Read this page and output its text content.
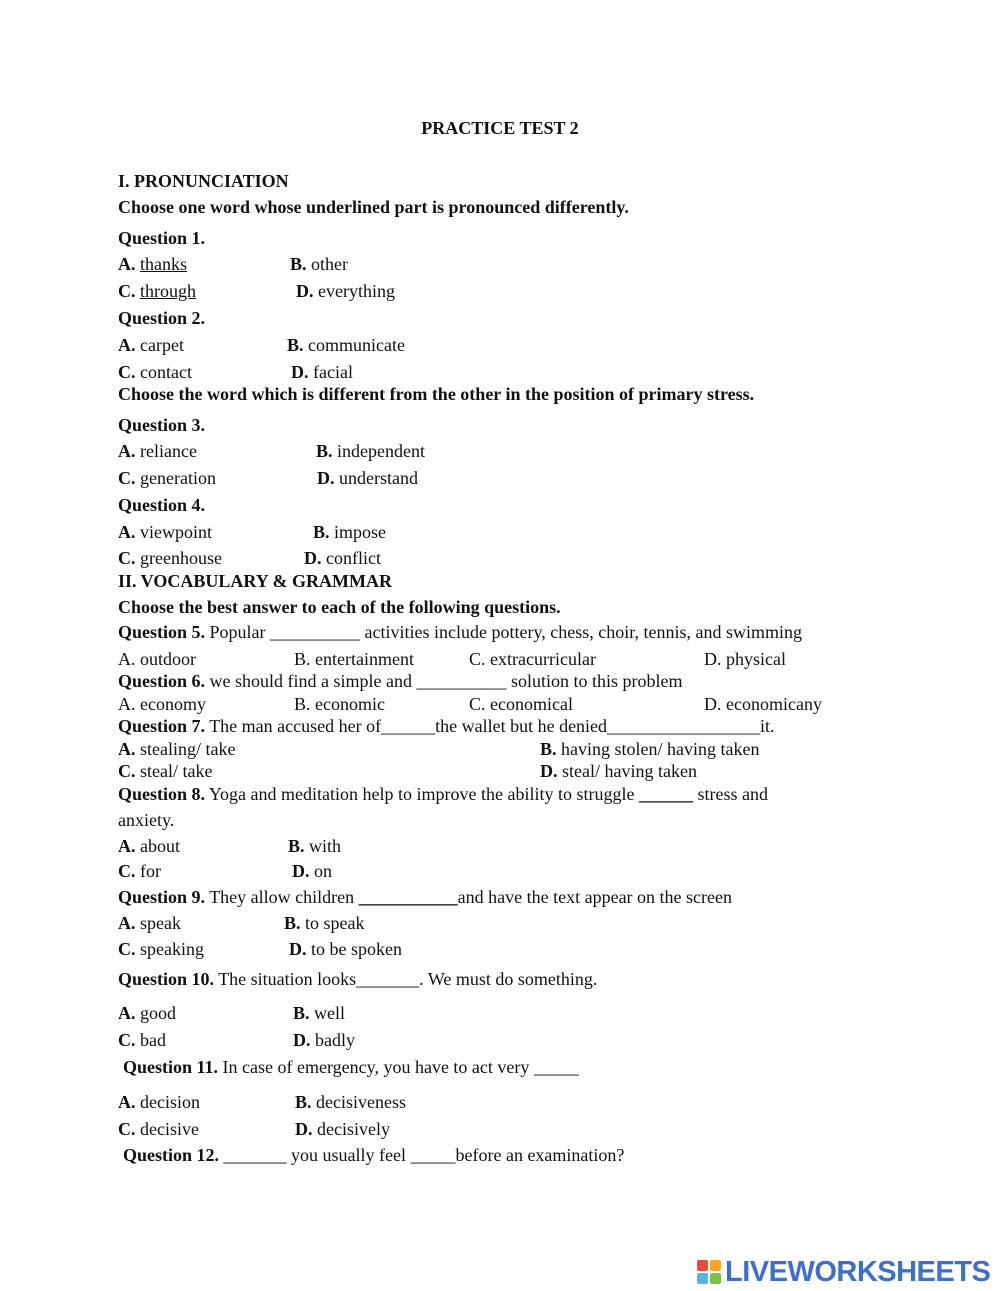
PRACTICE TEST 2
I. PRONUNCIATION
Choose one word whose underlined part is pronounced differently.
Question 1.
A. thanks	B. other
C. through	D. everything
Question 2.
A. carpet	B. communicate
C. contact	D. facial
Choose the word which is different from the other in the position of primary stress.
Question 3.
A. reliance	B. independent
C. generation	D. understand
Question 4.
A. viewpoint	B. impose
C. greenhouse	D. conflict
II. VOCABULARY & GRAMMAR
Choose the best answer to each of the following questions.
Question 5. Popular __________ activities include pottery, chess, choir, tennis, and swimming
A. outdoor	B. entertainment	C. extracurricular	D. physical
Question 6. we should find a simple and __________ solution to this problem
A. economy	B. economic	C. economical	D. economicany
Question 7. The man accused her of______the wallet but he denied_________________it.
A. stealing/ take	B. having stolen/ having taken
C. steal/ take	D. steal/ having taken
Question 8. Yoga and meditation help to improve the ability to struggle ______ stress and
anxiety.
A. about	B. with
C. for	D. on
Question 9. They allow children ___________and have the text appear on the screen
A. speak	B. to speak
C. speaking	D. to be spoken
Question 10. The situation looks_______. We must do something.
A. good	B. well
C. bad	D. badly
Question 11. In case of emergency, you have to act very _____
A. decision	B. decisiveness
C. decisive	D. decisively
Question 12. _______ you usually feel _____before an examination?
LIVEWORKSHEETS
